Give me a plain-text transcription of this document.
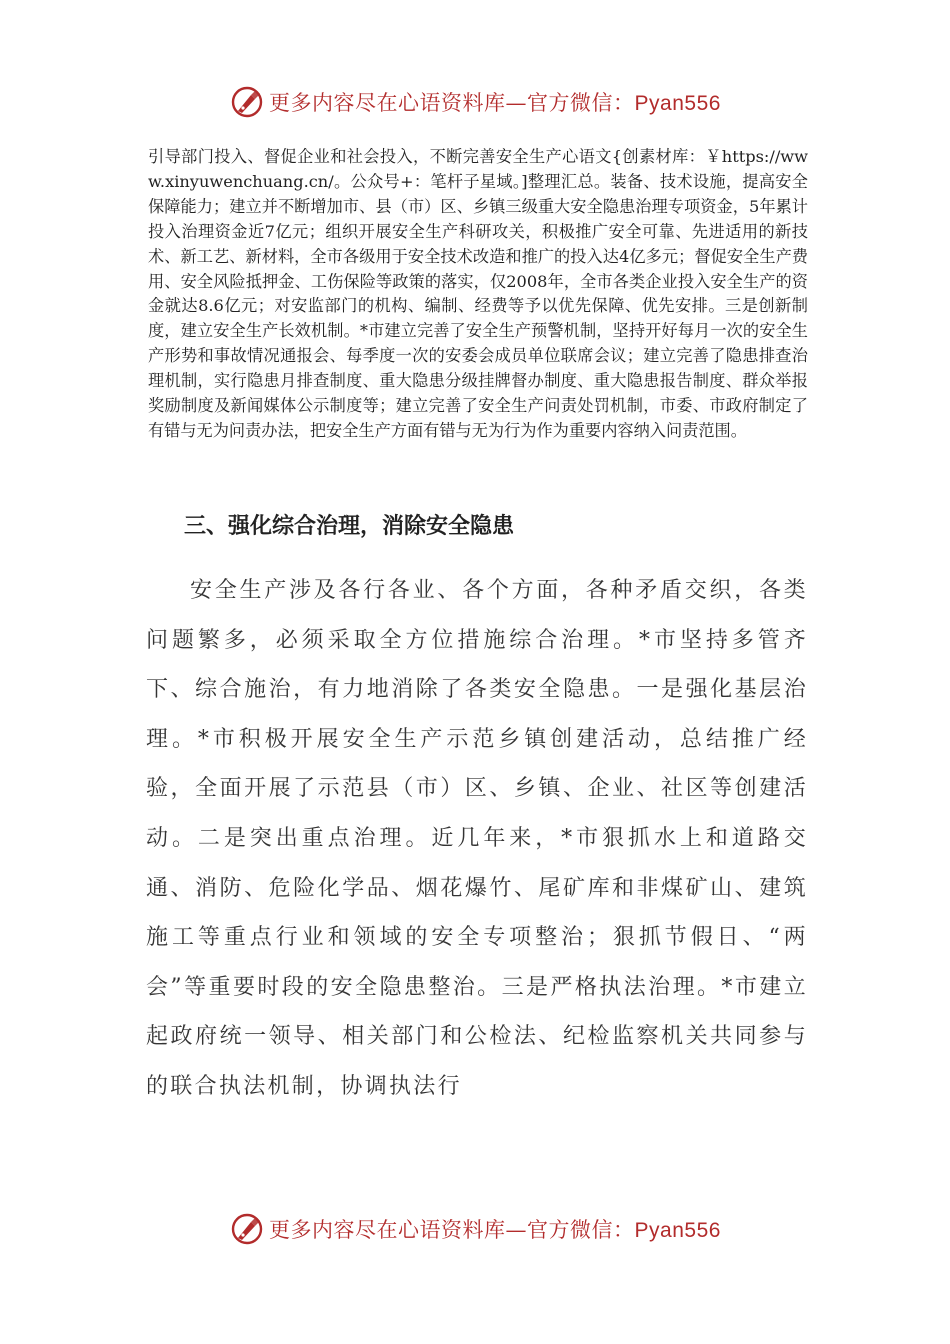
更多内容尽在心语资料库—官方微信：Pyan556

引导部门投入、督促企业和社会投入，不断完善安全生产心语文{创素材库：￥https://www.xinyuwenchuang.cn/。公众号+：笔杆子星域。]整理汇总。装备、技术设施，提高安全保障能力；建立并不断增加市、县（市）区、乡镇三级重大安全隐患治理专项资金，5年累计投入治理资金近7亿元；组织开展安全生产科研攻关，积极推广安全可靠、先进适用的新技术、新工艺、新材料，全市各级用于安全技术改造和推广的投入达4亿多元；督促安全生产费用、安全风险抵押金、工伤保险等政策的落实，仅2008年，全市各类企业投入安全生产的资金就达8.6亿元；对安监部门的机构、编制、经费等予以优先保障、优先安排。三是创新制度，建立安全生产长效机制。*市建立完善了安全生产预警机制，坚持开好每月一次的安全生产形势和事故情况通报会、每季度一次的安委会成员单位联席会议；建立完善了隐患排查治理机制，实行隐患月排查制度、重大隐患分级挂牌督办制度、重大隐患报告制度、群众举报奖励制度及新闻媒体公示制度等；建立完善了安全生产问责处罚机制，市委、市政府制定了有错与无为问责办法，把安全生产方面有错与无为行为作为重要内容纳入问责范围。

三、强化综合治理，消除安全隐患

安全生产涉及各行各业、各个方面，各种矛盾交织，各类问题繁多，必须采取全方位措施综合治理。*市坚持多管齐下、综合施治，有力地消除了各类安全隐患。一是强化基层治理。*市积极开展安全生产示范乡镇创建活动，总结推广经验，全面开展了示范县（市）区、乡镇、企业、社区等创建活动。二是突出重点治理。近几年来，*市狠抓水上和道路交通、消防、危险化学品、烟花爆竹、尾矿库和非煤矿山、建筑施工等重点行业和领域的安全专项整治；狠抓节假日、“两会”等重要时段的安全隐患整治。三是严格执法治理。*市建立起政府统一领导、相关部门和公检法、纪检监察机关共同参与的联合执法机制，协调执法行

更多内容尽在心语资料库—官方微信：Pyan556
